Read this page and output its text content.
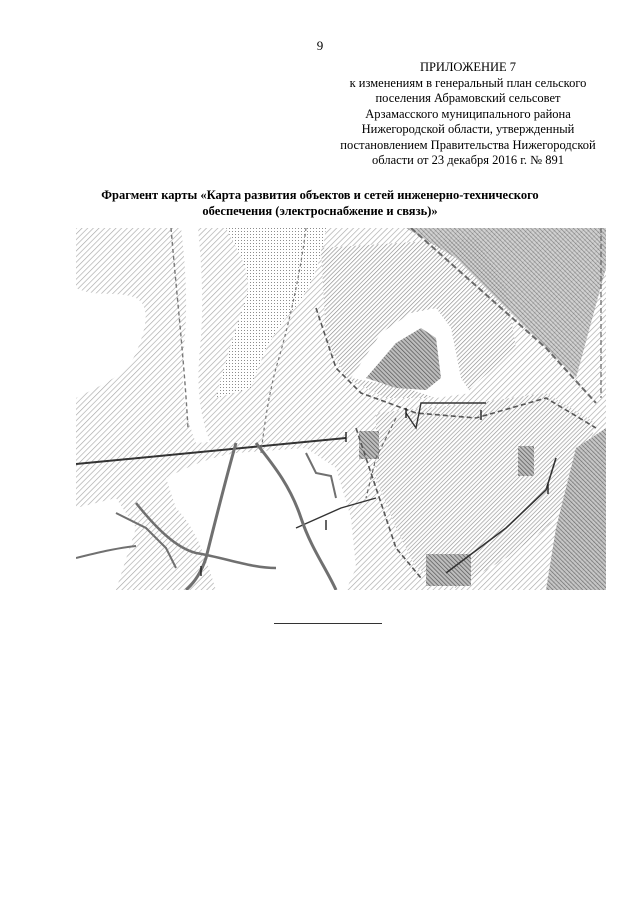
9
ПРИЛОЖЕНИЕ 7
к изменениям в генеральный план сельского
поселения Абрамовский сельсовет
Арзамасского муниципального района
Нижегородской области, утвержденный
постановлением Правительства Нижегородской
области от 23 декабря 2016 г. № 891
Фрагмент карты «Карта развития объектов и сетей инженерно-технического
обеспечения (электроснабжение и связь)»
